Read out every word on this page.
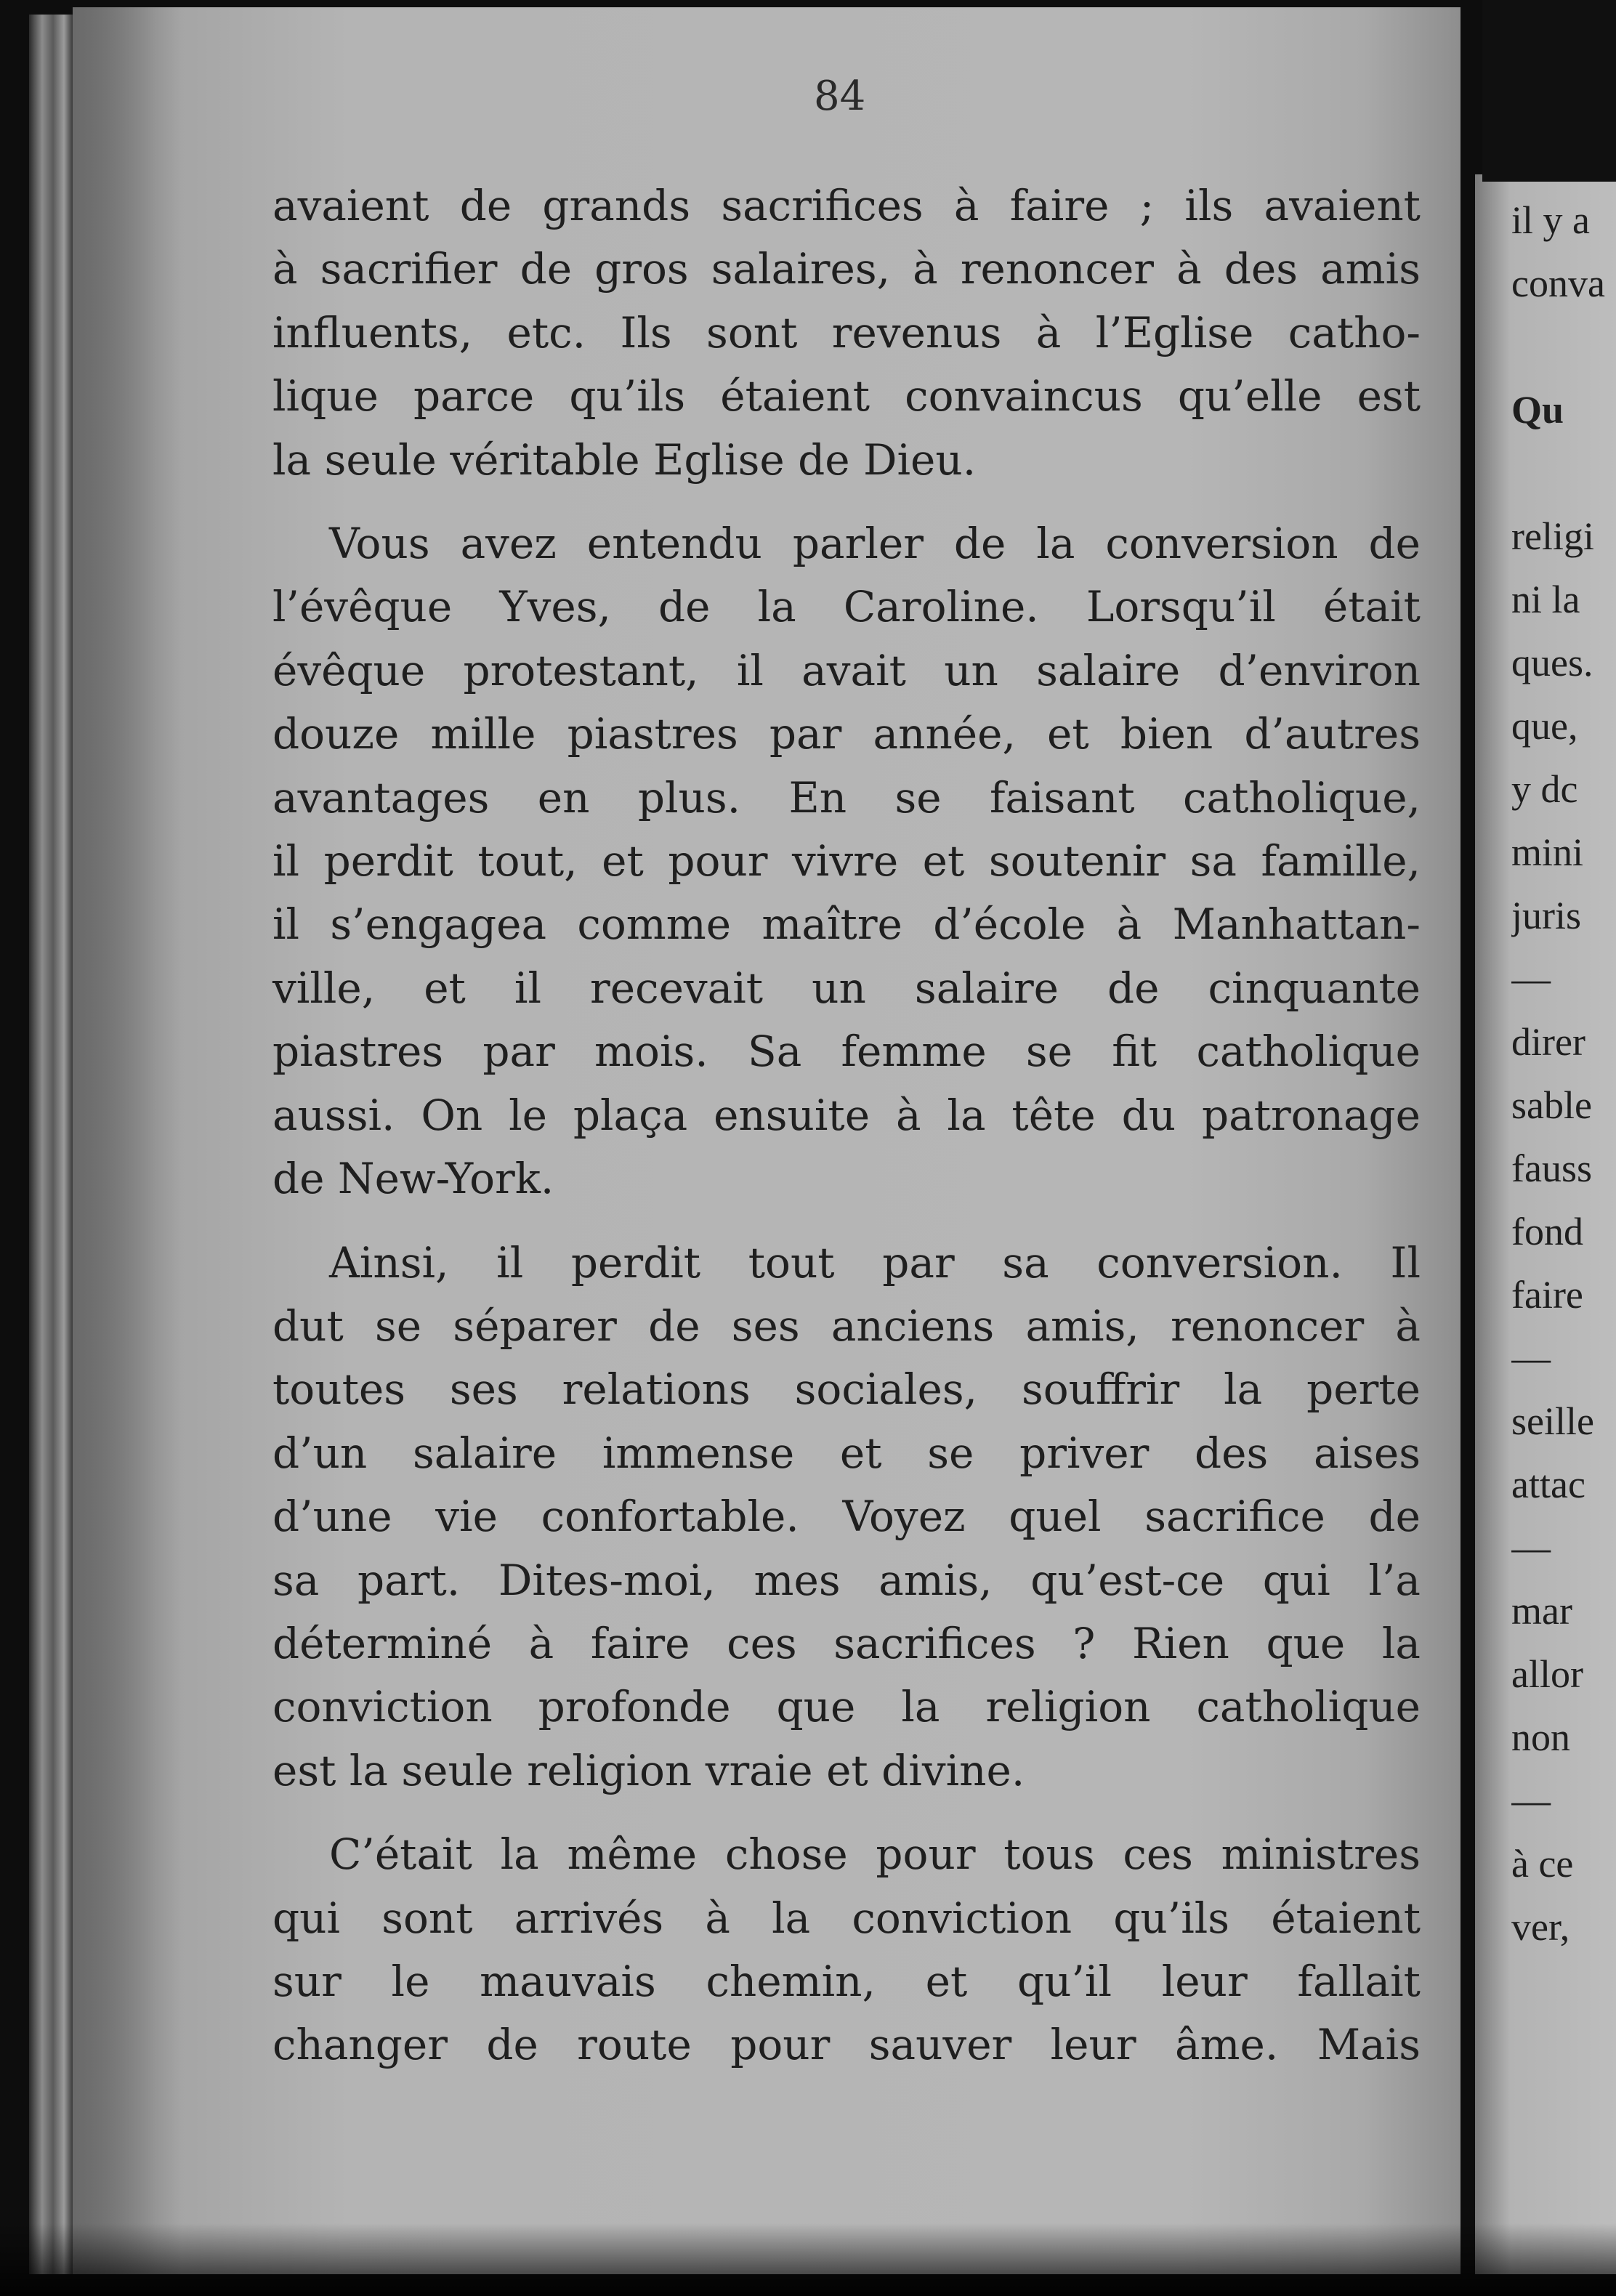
84

avaient de grands sacrifices à faire ; ils avaient
à sacrifier de gros salaires, à renoncer à des amis
influents, etc. Ils sont revenus à l’Eglise catho-
lique parce qu’ils étaient convaincus qu’elle est
la seule véritable Eglise de Dieu.

Vous avez entendu parler de la conversion de
l’évêque Yves, de la Caroline. Lorsqu’il était
évêque protestant, il avait un salaire d’environ
douze mille piastres par année, et bien d’autres
avantages en plus. En se faisant catholique,
il perdit tout, et pour vivre et soutenir sa famille,
il s’engagea comme maître d’école à Manhattan-
ville, et il recevait un salaire de cinquante
piastres par mois. Sa femme se fit catholique
aussi. On le plaça ensuite à la tête du patronage
de New-York.

Ainsi, il perdit tout par sa conversion. Il
dut se séparer de ses anciens amis, renoncer à
toutes ses relations sociales, souffrir la perte
d’un salaire immense et se priver des aises
d’une vie confortable. Voyez quel sacrifice de
sa part. Dites-moi, mes amis, qu’est-ce qui l’a
déterminé à faire ces sacrifices ? Rien que la
conviction profonde que la religion catholique
est la seule religion vraie et divine.

C’était la même chose pour tous ces ministres
qui sont arrivés à la conviction qu’ils étaient
sur le mauvais chemin, et qu’il leur fallait
changer de route pour sauver leur âme. Mais

il y a
conva
Qu
religi
ni la
ques.
que,
y dc
mini
juris
—
direr
sable
fauss
fond
faire
—
seille
attac
—
mar
allor
non
—
à ce
ver,
